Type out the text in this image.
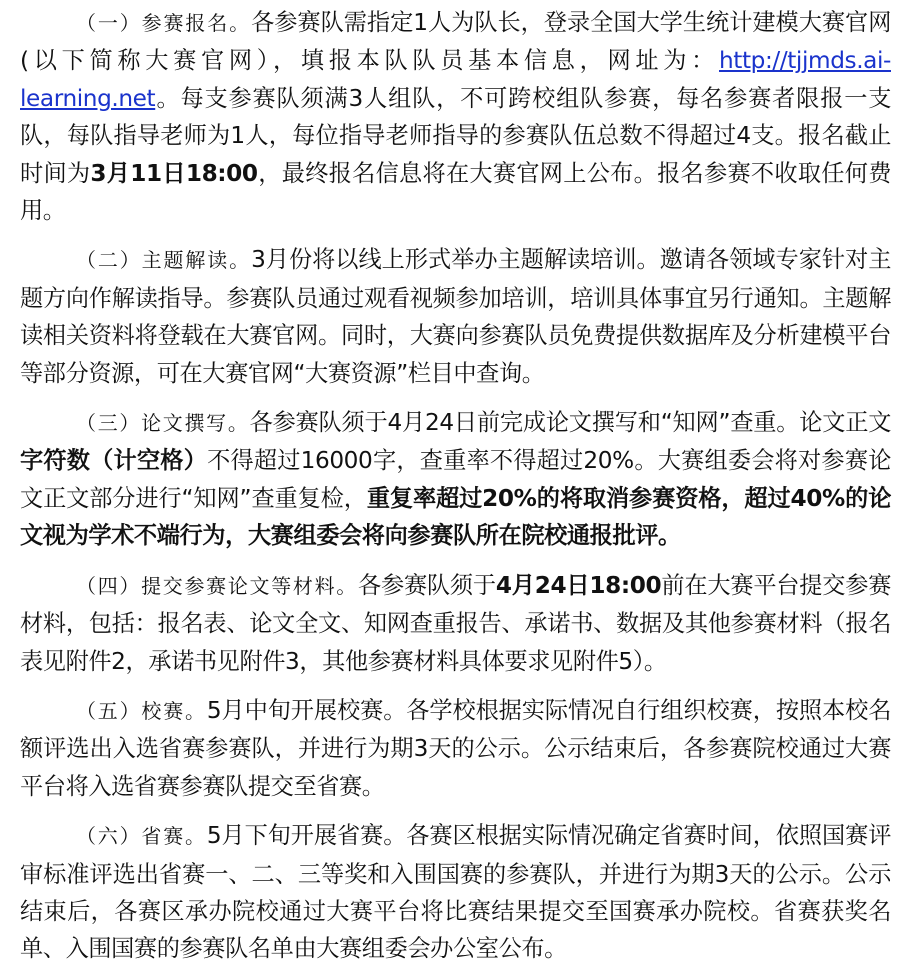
（一）参赛报名。各参赛队需指定1人为队长，登录全国大学生统计建模大赛官网(以下简称大赛官网），填报本队队员基本信息，网址为：http://tjjmds.ai-learning.net。每支参赛队须满3人组队，不可跨校组队参赛，每名参赛者限报一支队，每队指导老师为1人，每位指导老师指导的参赛队伍总数不得超过4支。报名截止时间为3月11日18:00，最终报名信息将在大赛官网上公布。报名参赛不收取任何费用。

（二）主题解读。3月份将以线上形式举办主题解读培训。邀请各领域专家针对主题方向作解读指导。参赛队员通过观看视频参加培训，培训具体事宜另行通知。主题解读相关资料将登载在大赛官网。同时，大赛向参赛队员免费提供数据库及分析建模平台等部分资源，可在大赛官网“大赛资源”栏目中查询。

（三）论文撰写。各参赛队须于4月24日前完成论文撰写和“知网”查重。论文正文字符数（计空格）不得超过16000字，查重率不得超过20%。大赛组委会将对参赛论文正文部分进行“知网”查重复检，重复率超过20%的将取消参赛资格，超过40%的论文视为学术不端行为，大赛组委会将向参赛队所在院校通报批评。

（四）提交参赛论文等材料。各参赛队须于4月24日18:00前在大赛平台提交参赛材料，包括：报名表、论文全文、知网查重报告、承诺书、数据及其他参赛材料（报名表见附件2，承诺书见附件3，其他参赛材料具体要求见附件5）。

（五）校赛。5月中旬开展校赛。各学校根据实际情况自行组织校赛，按照本校名额评选出入选省赛参赛队，并进行为期3天的公示。公示结束后，各参赛院校通过大赛平台将入选省赛参赛队提交至省赛。

（六）省赛。5月下旬开展省赛。各赛区根据实际情况确定省赛时间，依照国赛评审标准评选出省赛一、二、三等奖和入围国赛的参赛队，并进行为期3天的公示。公示结束后，各赛区承办院校通过大赛平台将比赛结果提交至国赛承办院校。省赛获奖名单、入围国赛的参赛队名单由大赛组委会办公室公布。
